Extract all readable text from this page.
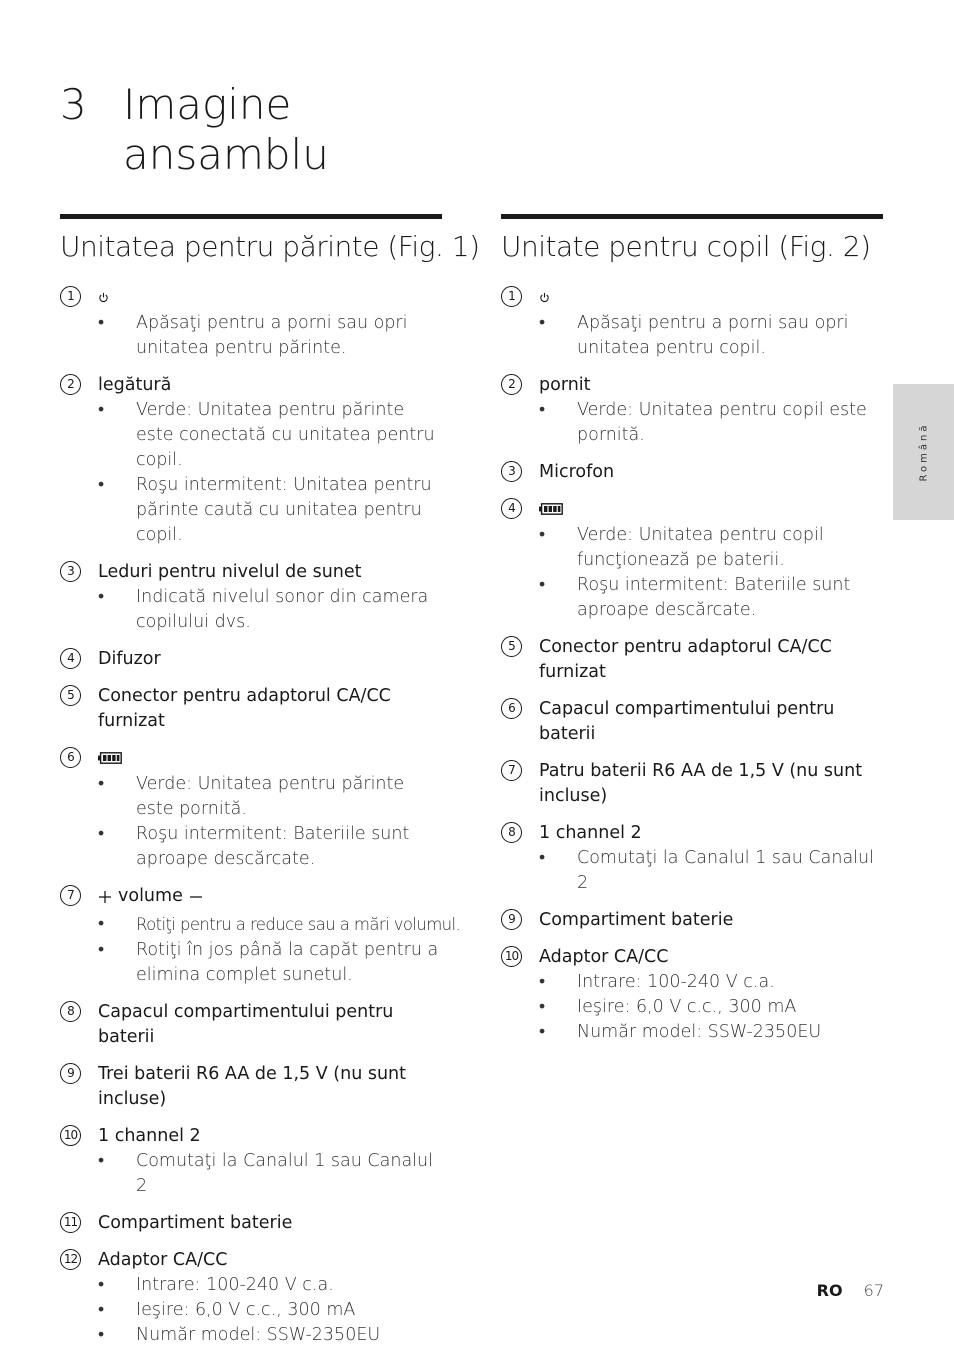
3 Imagine ansamblu
Unitatea pentru părinte (Fig. 1)
1
• Apăsaţi pentru a porni sau opri unitatea pentru părinte.
2	legătură
• Verde: Unitatea pentru părinte este conectată cu unitatea pentru copil.
• Roşu intermitent: Unitatea pentru părinte caută cu unitatea pentru copil.
3	Leduri pentru nivelul de sunet
• Indicată nivelul sonor din camera copilului dvs.
4	Difuzor
5	Conector pentru adaptorul CA/CC furnizat
6
• Verde: Unitatea pentru părinte este pornită.
• Roşu intermitent: Bateriile sunt aproape descărcate.
7	volume
• Rotiţi pentru a reduce sau a mări volumul.
• Rotiţi în jos până la capăt pentru a elimina complet sunetul.
8	Capacul compartimentului pentru baterii
9	Trei baterii R6 AA de 1,5 V (nu sunt incluse)
10 1 channel 2
• Comutaţi la Canalul 1 sau Canalul 2
11 Compartiment baterie
12 Adaptor CA/CC
• Intrare: 100-240 V c.a.
• Ieşire: 6,0 V c.c., 300 mA
• Număr model: SSW-2350EU
Unitate pentru copil (Fig. 2)
1
• Apăsaţi pentru a porni sau opri unitatea pentru copil.
2	pornit
• Verde: Unitatea pentru copil este pornită.
3	Microfon
4
• Verde: Unitatea pentru copil funcţionează pe baterii.
• Roşu intermitent: Bateriile sunt aproape descărcate.
5	Conector pentru adaptorul CA/CC furnizat
6	Capacul compartimentului pentru baterii
7	Patru baterii R6 AA de 1,5 V (nu sunt incluse)
8	1 channel 2
• Comutaţi la Canalul 1 sau Canalul 2
9	Compartiment baterie
10 Adaptor CA/CC
• Intrare: 100-240 V c.a.
• Ieşire: 6,0 V c.c., 300 mA
• Număr model: SSW-2350EU
Română
RO 67
